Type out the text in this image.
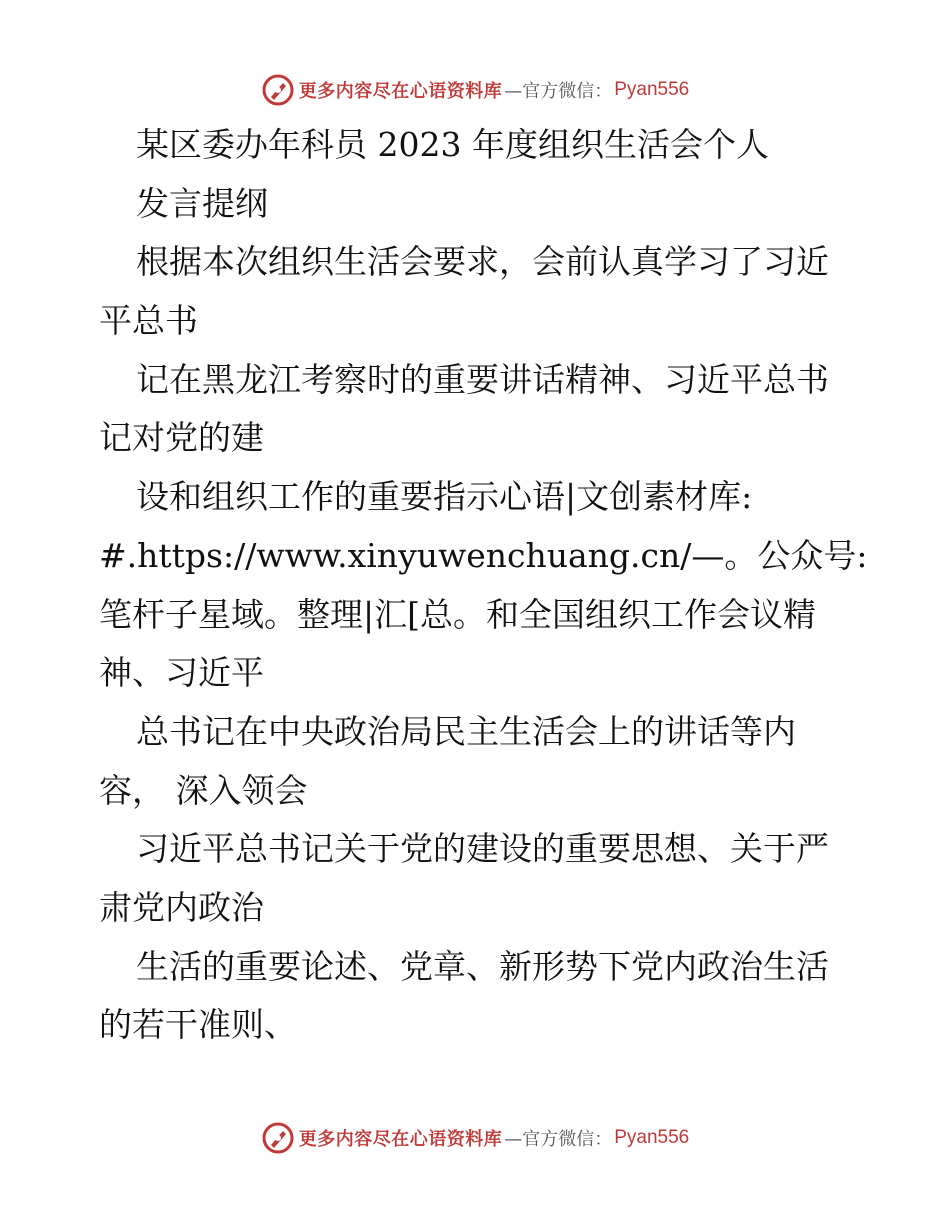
更多内容尽在心语资料库 —官方微信： Pyan556
某区委办年科员 2023 年度组织生活会个人
发言提纲
根据本次组织生活会要求，会前认真学习了习近
平总书
记在黑龙江考察时的重要讲话精神、习近平总书
记对党的建
设和组织工作的重要指示心语|文创素材库:
#.https://www.xinyuwenchuang.cn/—。公众号:
笔杆子星域。整理|汇[总。和全国组织工作会议精
神、习近平
总书记在中央政治局民主生活会上的讲话等内
容， 深入领会
习近平总书记关于党的建设的重要思想、关于严
肃党内政治
生活的重要论述、党章、新形势下党内政治生活
的若干准则、
更多内容尽在心语资料库 —官方微信： Pyan556
